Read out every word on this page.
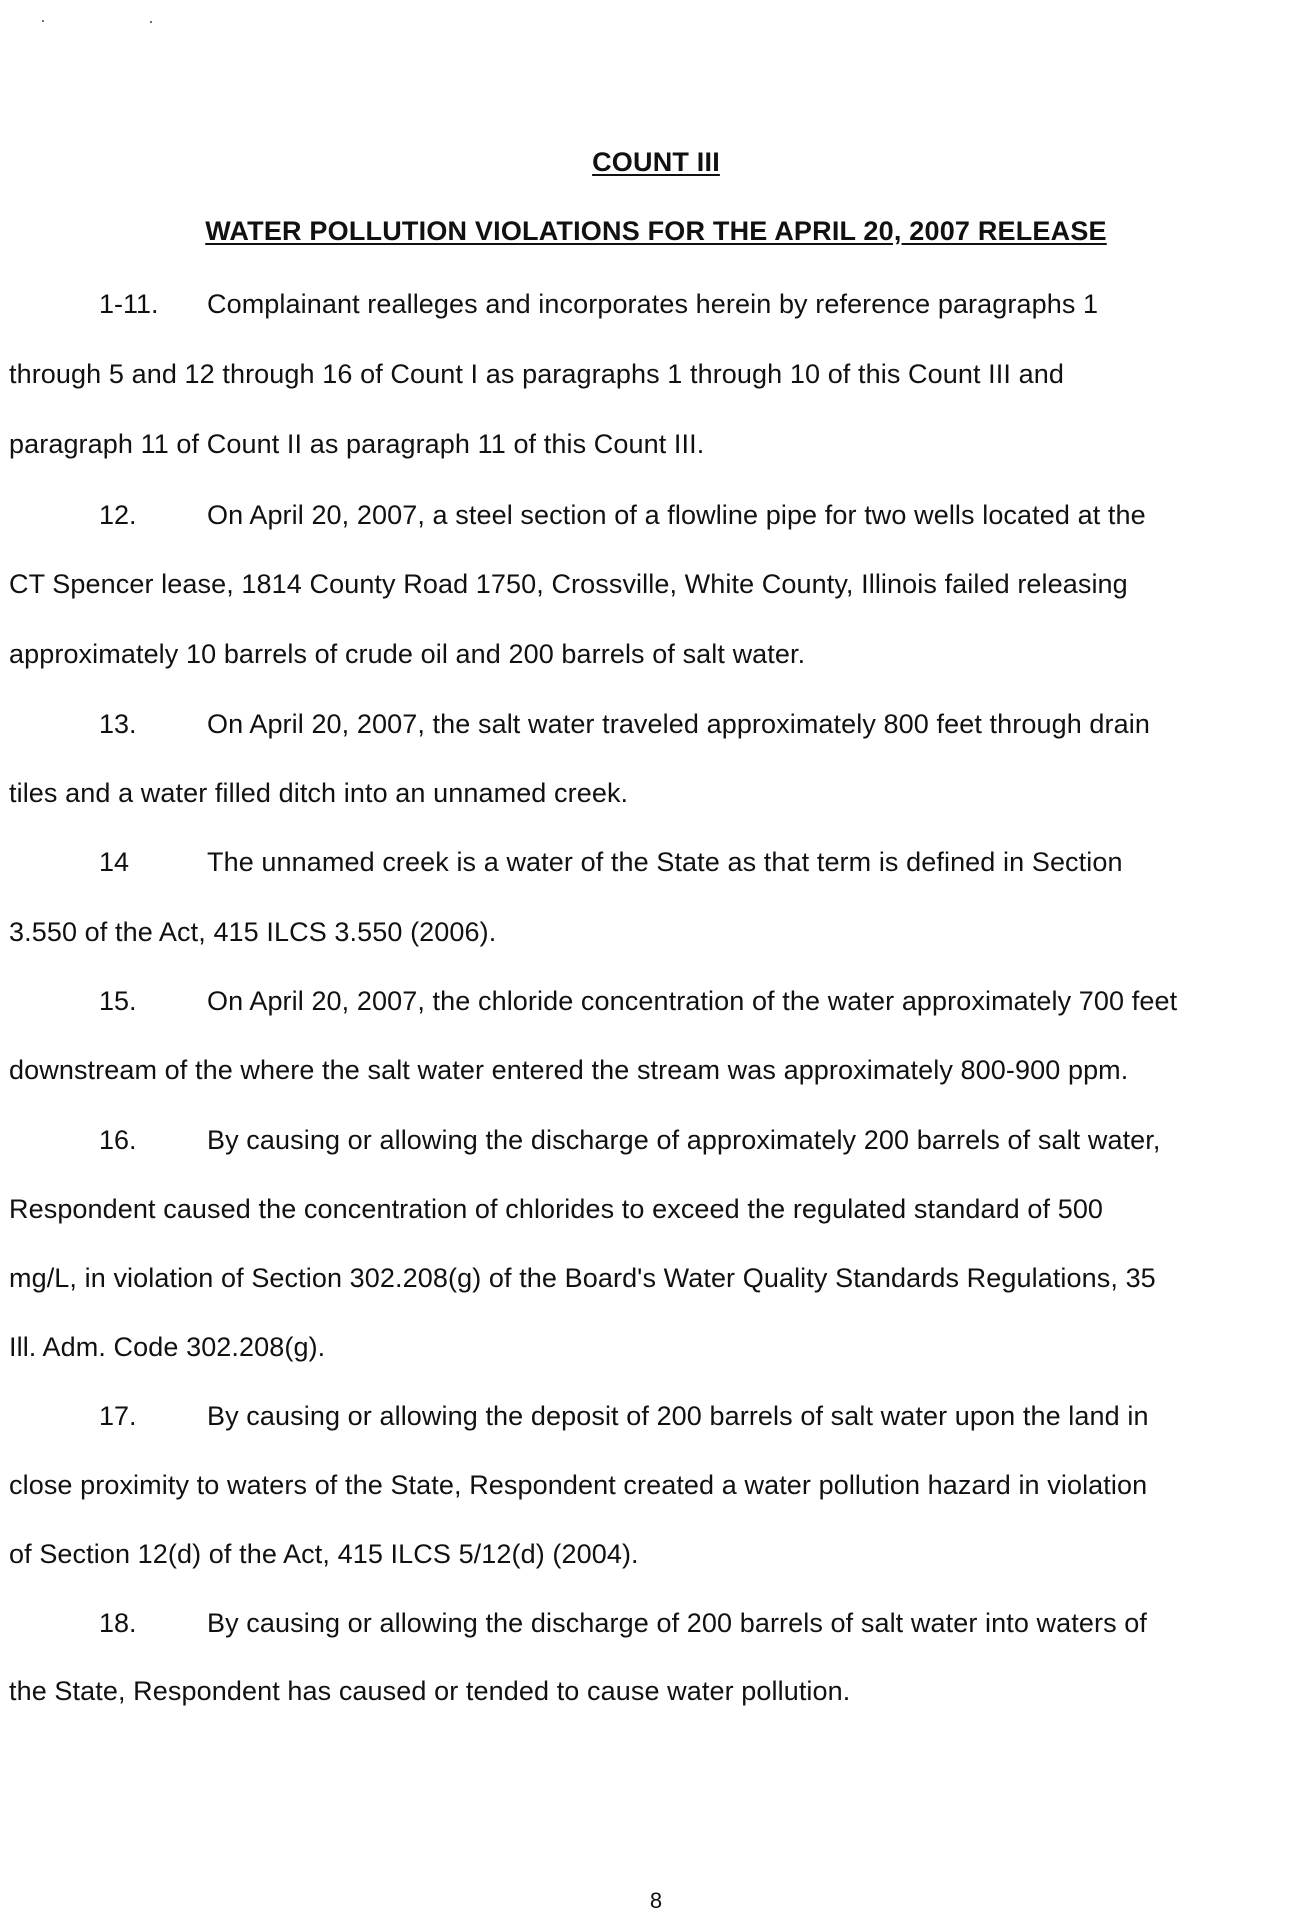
COUNT III
WATER POLLUTION VIOLATIONS FOR THE APRIL 20, 2007 RELEASE
1-11. Complainant realleges and incorporates herein by reference paragraphs 1
through 5 and 12 through 16 of Count I as paragraphs 1 through 10 of this Count III and
paragraph 11 of Count II as paragraph 11 of this Count III.
12.	On April 20, 2007, a steel section of a flowline pipe for two wells located at the
CT Spencer lease, 1814 County Road 1750, Crossville, White County, Illinois failed releasing
approximately 10 barrels of crude oil and 200 barrels of salt water.
13.	On April 20, 2007, the salt water traveled approximately 800 feet through drain
tiles and a water filled ditch into an unnamed creek.
14	The unnamed creek is a water of the State as that term is defined in Section
3.550 of the Act, 415 ILCS 3.550 (2006).
15.	On April 20, 2007, the chloride concentration of the water approximately 700 feet
downstream of the where the salt water entered the stream was approximately 800-900 ppm.
16.	By causing or allowing the discharge of approximately 200 barrels of salt water,
Respondent caused the concentration of chlorides to exceed the regulated standard of 500
mg/L, in violation of Section 302.208(g) of the Board's Water Quality Standards Regulations, 35
Ill. Adm. Code 302.208(g).
17.	By causing or allowing the deposit of 200 barrels of salt water upon the land in
close proximity to waters of the State, Respondent created a water pollution hazard in violation
of Section 12(d) of the Act, 415 ILCS 5/12(d) (2004).
18.	By causing or allowing the discharge of 200 barrels of salt water into waters of
the State, Respondent has caused or tended to cause water pollution.
8
